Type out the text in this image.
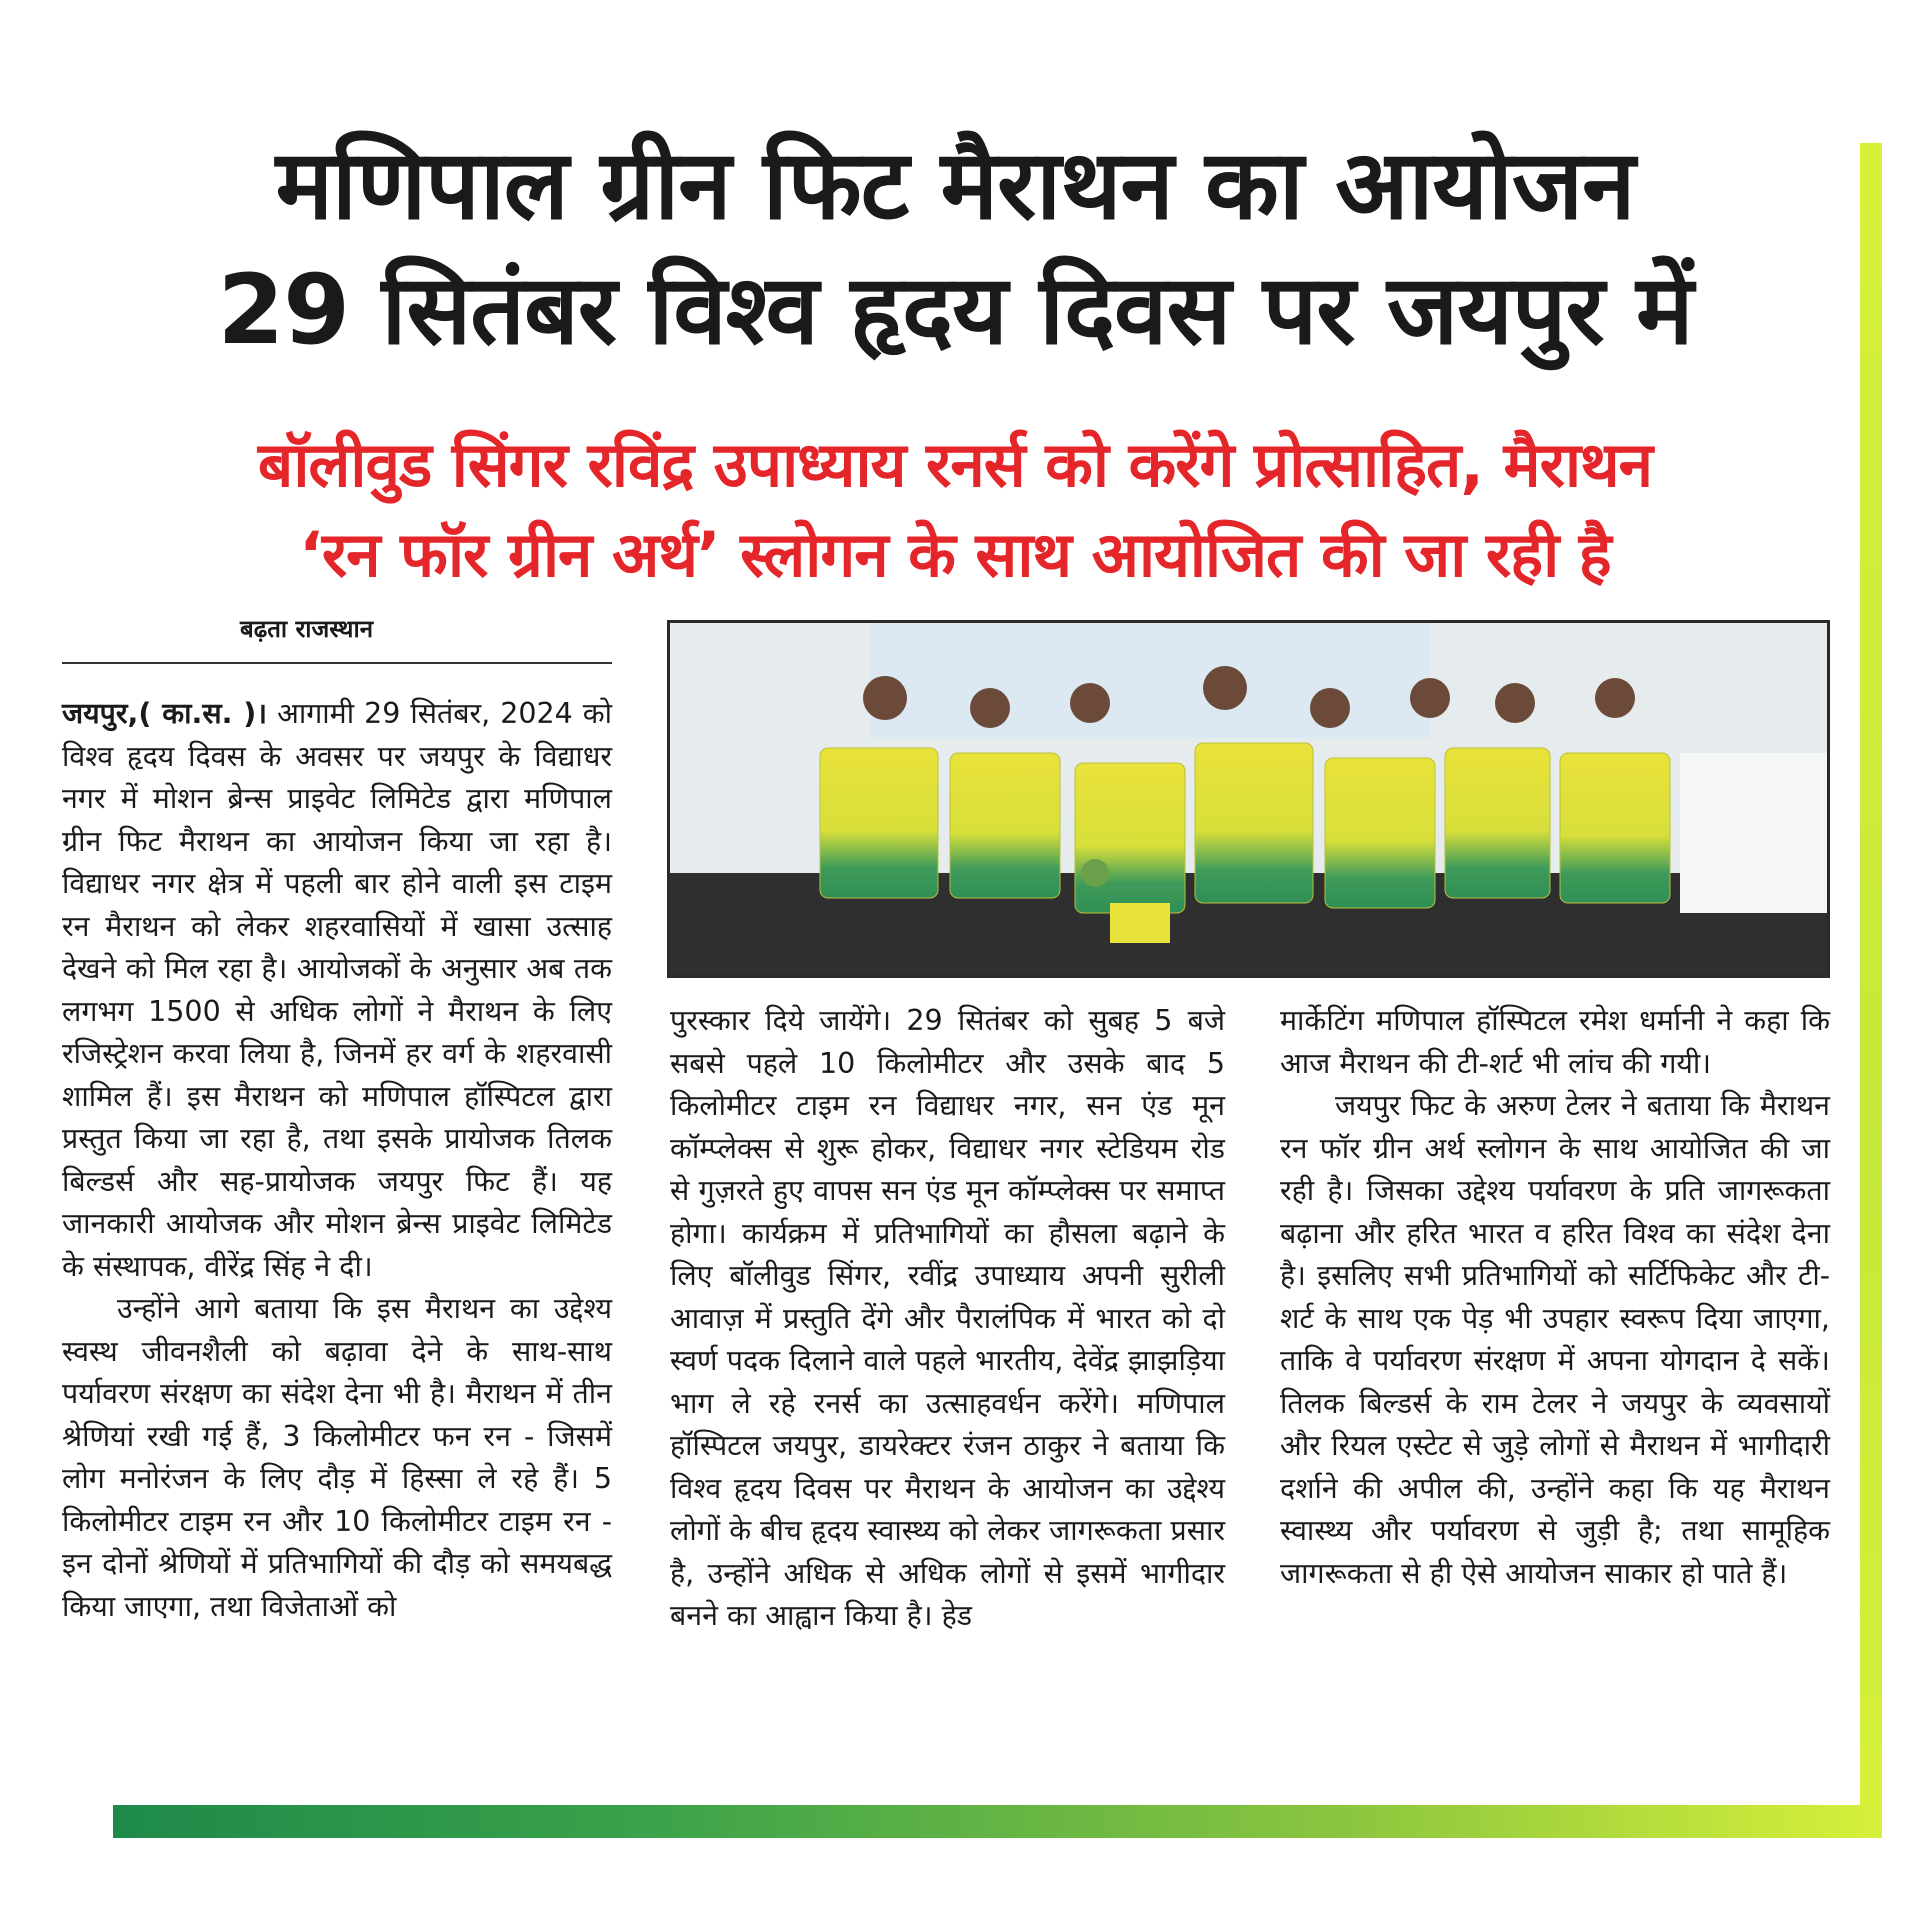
मणिपाल ग्रीन फिट मैराथन का आयोजन
29 सितंबर विश्व हृदय दिवस पर जयपुर में
बॉलीवुड सिंगर रविंद्र उपाध्याय रनर्स को करेंगे प्रोत्साहित, मैराथन
‘रन फॉर ग्रीन अर्थ’ स्लोगन के साथ आयोजित की जा रही है
बढ़ता राजस्थान

जयपुर,( का.स. )। आगामी 29 सितंबर, 2024 को विश्व हृदय दिवस के अवसर पर जयपुर के विद्याधर नगर में मोशन ब्रेन्स प्राइवेट लिमिटेड द्वारा मणिपाल ग्रीन फिट मैराथन का आयोजन किया जा रहा है। विद्याधर नगर क्षेत्र में पहली बार होने वाली इस टाइम रन मैराथन को लेकर शहरवासियों में खासा उत्साह देखने को मिल रहा है। आयोजकों के अनुसार अब तक लगभग 1500 से अधिक लोगों ने मैराथन के लिए रजिस्ट्रेशन करवा लिया है, जिनमें हर वर्ग के शहरवासी शामिल हैं। इस मैराथन को मणिपाल हॉस्पिटल द्वारा प्रस्तुत किया जा रहा है, तथा इसके प्रायोजक तिलक बिल्डर्स और सह-प्रायोजक जयपुर फिट हैं। यह जानकारी आयोजक और मोशन ब्रेन्स प्राइवेट लिमिटेड के संस्थापक, वीरेंद्र सिंह ने दी।

उन्होंने आगे बताया कि इस मैराथन का उद्देश्य स्वस्थ जीवनशैली को बढ़ावा देने के साथ-साथ पर्यावरण संरक्षण का संदेश देना भी है। मैराथन में तीन श्रेणियां रखी गई हैं, 3 किलोमीटर फन रन - जिसमें लोग मनोरंजन के लिए दौड़ में हिस्सा ले रहे हैं। 5 किलोमीटर टाइम रन और 10 किलोमीटर टाइम रन - इन दोनों श्रेणियों में प्रतिभागियों की दौड़ को समयबद्ध किया जाएगा, तथा विजेताओं को

पुरस्कार दिये जायेंगे। 29 सितंबर को सुबह 5 बजे सबसे पहले 10 किलोमीटर और उसके बाद 5 किलोमीटर टाइम रन विद्याधर नगर, सन एंड मून कॉम्प्लेक्स से शुरू होकर, विद्याधर नगर स्टेडियम रोड से गुज़रते हुए वापस सन एंड मून कॉम्प्लेक्स पर समाप्त होगा। कार्यक्रम में प्रतिभागियों का हौसला बढ़ाने के लिए बॉलीवुड सिंगर, रवींद्र उपाध्याय अपनी सुरीली आवाज़ में प्रस्तुति देंगे और पैरालंपिक में भारत को दो स्वर्ण पदक दिलाने वाले पहले भारतीय, देवेंद्र झाझड़िया भाग ले रहे रनर्स का उत्साहवर्धन करेंगे। मणिपाल हॉस्पिटल जयपुर, डायरेक्टर रंजन ठाकुर ने बताया कि विश्व हृदय दिवस पर मैराथन के आयोजन का उद्देश्य लोगों के बीच हृदय स्वास्थ्य को लेकर जागरूकता प्रसार है, उन्होंने अधिक से अधिक लोगों से इसमें भागीदार बनने का आह्वान किया है। हेड

मार्केटिंग मणिपाल हॉस्पिटल रमेश धर्मानी ने कहा कि आज मैराथन की टी-शर्ट भी लांच की गयी।

जयपुर फिट के अरुण टेलर ने बताया कि मैराथन रन फॉर ग्रीन अर्थ स्लोगन के साथ आयोजित की जा रही है। जिसका उद्देश्य पर्यावरण के प्रति जागरूकता बढ़ाना और हरित भारत व हरित विश्व का संदेश देना है। इसलिए सभी प्रतिभागियों को सर्टिफिकेट और टी-शर्ट के साथ एक पेड़ भी उपहार स्वरूप दिया जाएगा, ताकि वे पर्यावरण संरक्षण में अपना योगदान दे सकें। तिलक बिल्डर्स के राम टेलर ने जयपुर के व्यवसायों और रियल एस्टेट से जुड़े लोगों से मैराथन में भागीदारी दर्शाने की अपील की, उन्होंने कहा कि यह मैराथन स्वास्थ्य और पर्यावरण से जुड़ी है; तथा सामूहिक जागरूकता से ही ऐसे आयोजन साकार हो पाते हैं।
